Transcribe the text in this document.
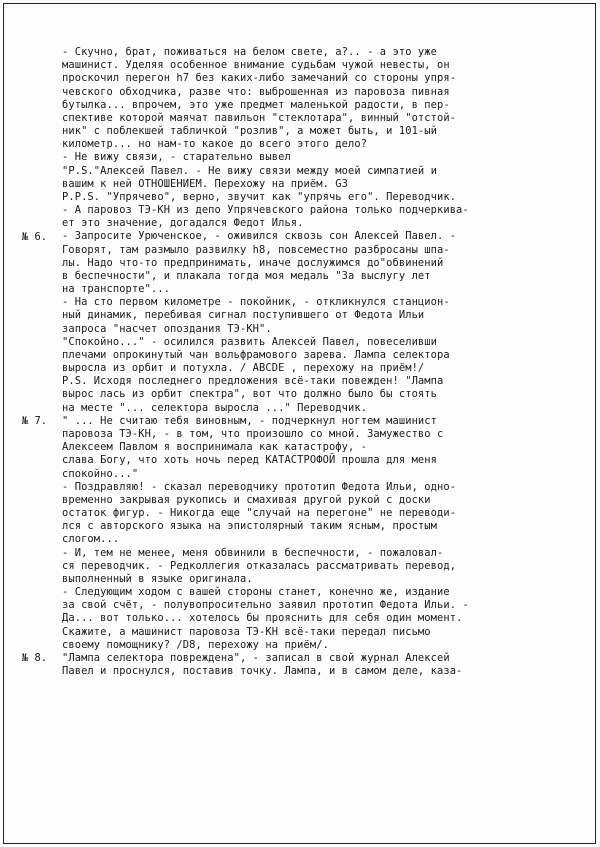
- Скучно, брат, поживаться на белом свете, а?.. - а это уже
машинист. Уделяя особенное внимание судьбам чужой невесты, он
проскочил перегон h7 без каких-либо замечаний со стороны упря-
чевского обходчика, разве что: выброшенная из паровоза пивная
бутылка... впрочем, это уже предмет маленькой радости, в пер-
спективе которой маячат павильон "стеклотара", винный "отстой-
ник" с поблекшей табличкой "розлив", а может быть, и 101-ый
километр... но нам-то какое до всего этого дело?
- Не вижу связи, - старательно вывел
"P.S."Алексей Павел. - Не вижу связи между моей симпатией и
вашим к ней ОТНОШЕНИЕМ. Перехожу на приём. G3
P.P.S. "Упрячево", верно, звучит как "упрячь его". Переводчик.
- А паровоз ТЭ-КН из депо Упрячевского района только подчеркива-
ет это значение, догадался Федот Илья.
- Запросите Урюченское, - оживился сквозь сон Алексей Павел. -
Говорят, там размыло развилку h8, повсеместно разбросаны шпа-
лы. Надо что-то предпринимать, иначе дослужимся до"обвинений
в беспечности", и плакала тогда моя медаль "За выслугу лет
на транспорте"...
- На сто первом километре - покойник, - откликнулся станцион-
ный динамик, перебивая сигнал поступившего от Федота Ильи
запроса "насчет опоздания ТЭ-КН".
"Спокойно..." - осилился развить Алексей Павел, повеселивши
плечами опрокинутый чан вольфрамового зарева. Лампа селектора
выросла из орбит и потухла. / ABCDE , перехожу на приём!/
P.S. Исходя последнего предложения всё-таки повежден! "Лампа
вырос лась из орбит спектра", вот что должно было бы стоять
на месте "... селектора выросла ..." Переводчик.
" ... Не считаю тебя виновным, - подчеркнул ногтем машинист
паровоза ТЭ-КН, - в том, что произошло со мной. Замужество с
Алексеем Павлом я воспринимала как катастрофу, -
слава Богу, что хоть ночь перед КАТАСТРОФОЙ прошла для меня
спокойно..."
- Поздравляю! - сказал переводчику прототип Федота Ильи, одно-
временно закрывая рукопись и смахивая другой рукой с доски
остаток фигур. - Никогда еще "случай на перегоне" не переводи-
лся с авторского языка на эпистолярный таким ясным, простым
слогом...
- И, тем не менее, меня обвинили в беспечности, - пожаловал-
ся переводчик. - Редколлегия отказалась рассматривать перевод,
выполненный в языке оригинала.
- Следующим ходом с вашей стороны станет, конечно же, издание
за свой счёт, - полувопросительно заявил прототип Федота Ильи. -
Да... вот только... хотелось бы прояснить для себя один момент.
Скажите, а машинист паровоза ТЭ-КН всё-таки передал письмо
своему помощнику? /D8, перехожу на приём/.
"Лампа селектора повреждена", - записал в свой журнал Алексей
Павел и проснулся, поставив точку. Лампа, и в самом деле, каза-
№ 6.
№ 7.
№ 8.
